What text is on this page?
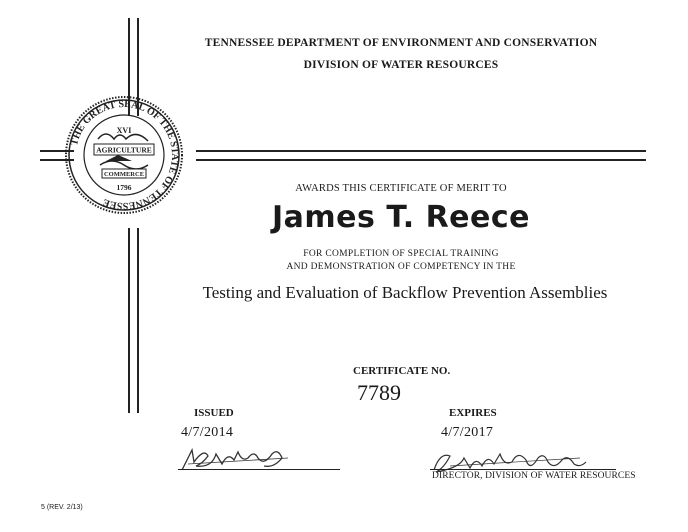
THE GREAT SEAL OF THE STATE OF TENNESSEE
XVI
AGRICULTURE
COMMERCE
1796
TENNESSEE DEPARTMENT OF ENVIRONMENT AND CONSERVATION
DIVISION OF WATER RESOURCES
AWARDS THIS CERTIFICATE OF MERIT TO
James T. Reece
FOR COMPLETION OF SPECIAL TRAINING
AND DEMONSTRATION OF COMPETENCY IN THE
Testing and Evaluation of Backflow Prevention Assemblies
CERTIFICATE NO.
7789
ISSUED
4/7/2014
EXPIRES
4/7/2017
DIRECTOR, DIVISION OF WATER RESOURCES
5 (REV. 2/13)
